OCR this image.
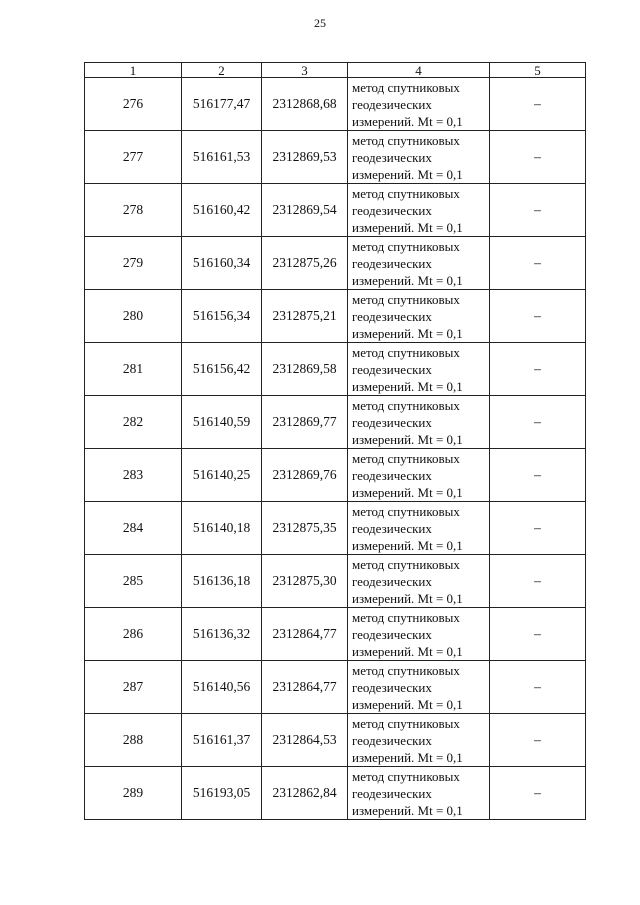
25
1	2	3	4	5
276	516177,47	2312868,68	метод спутниковых
геодезических
измерений. Mt = 0,1	–
277	516161,53	2312869,53	метод спутниковых
геодезических
измерений. Mt = 0,1	–
278	516160,42	2312869,54	метод спутниковых
геодезических
измерений. Mt = 0,1	–
279	516160,34	2312875,26	метод спутниковых
геодезических
измерений. Mt = 0,1	–
280	516156,34	2312875,21	метод спутниковых
геодезических
измерений. Mt = 0,1	–
281	516156,42	2312869,58	метод спутниковых
геодезических
измерений. Mt = 0,1	–
282	516140,59	2312869,77	метод спутниковых
геодезических
измерений. Mt = 0,1	–
283	516140,25	2312869,76	метод спутниковых
геодезических
измерений. Mt = 0,1	–
284	516140,18	2312875,35	метод спутниковых
геодезических
измерений. Mt = 0,1	–
285	516136,18	2312875,30	метод спутниковых
геодезических
измерений. Mt = 0,1	–
286	516136,32	2312864,77	метод спутниковых
геодезических
измерений. Mt = 0,1	–
287	516140,56	2312864,77	метод спутниковых
геодезических
измерений. Mt = 0,1	–
288	516161,37	2312864,53	метод спутниковых
геодезических
измерений. Mt = 0,1	–
289	516193,05	2312862,84	метод спутниковых
геодезических
измерений. Mt = 0,1	–
